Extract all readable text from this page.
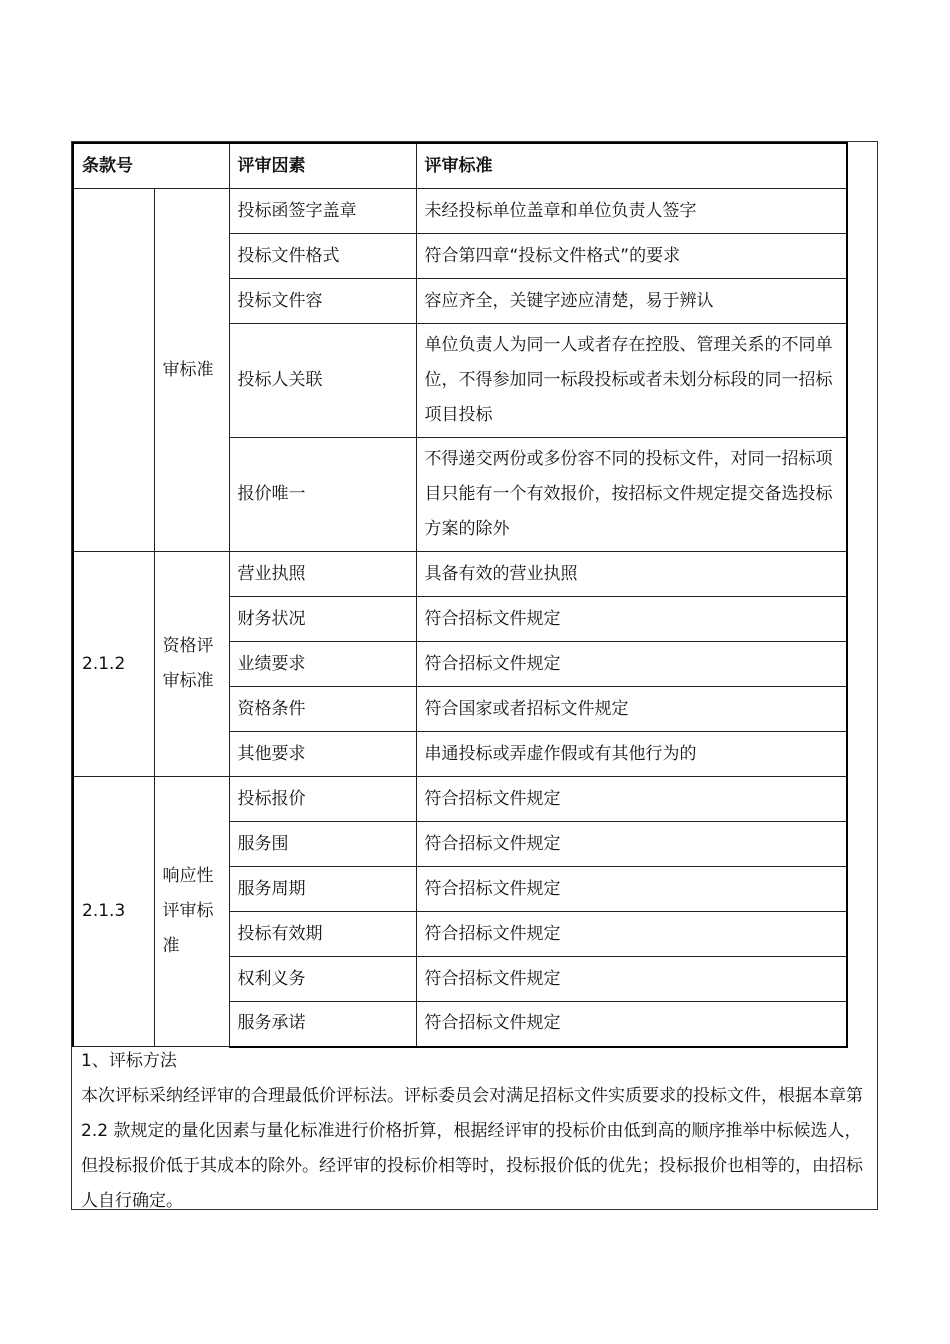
条款号		评审因素	评审标准
	审标准	投标函签字盖章	未经投标单位盖章和单位负责人签字
		投标文件格式	符合第四章“投标文件格式”的要求
		投标文件容	容应齐全，关键字迹应清楚，易于辨认
		投标人关联	单位负责人为同一人或者存在控股、管理关系的不同单位，不得参加同一标段投标或者未划分标段的同一招标项目投标
		报价唯一	不得递交两份或多份容不同的投标文件，对同一招标项目只能有一个有效报价，按招标文件规定提交备选投标方案的除外
2.1.2	资格评审标准	营业执照	具备有效的营业执照
		财务状况	符合招标文件规定
		业绩要求	符合招标文件规定
		资格条件	符合国家或者招标文件规定
		其他要求	串通投标或弄虚作假或有其他行为的
2.1.3	响应性评审标准	投标报价	符合招标文件规定
		服务围	符合招标文件规定
		服务周期	符合招标文件规定
		投标有效期	符合招标文件规定
		权利义务	符合招标文件规定
		服务承诺	符合招标文件规定

1、评标方法

本次评标采纳经评审的合理最低价评标法。评标委员会对满足招标文件实质要求的投标文件，根据本章第 2.2 款规定的量化因素与量化标准进行价格折算，根据经评审的投标价由低到高的顺序推举中标候选人，但投标报价低于其成本的除外。经评审的投标价相等时，投标报价低的优先；投标报价也相等的，由招标人自行确定。
